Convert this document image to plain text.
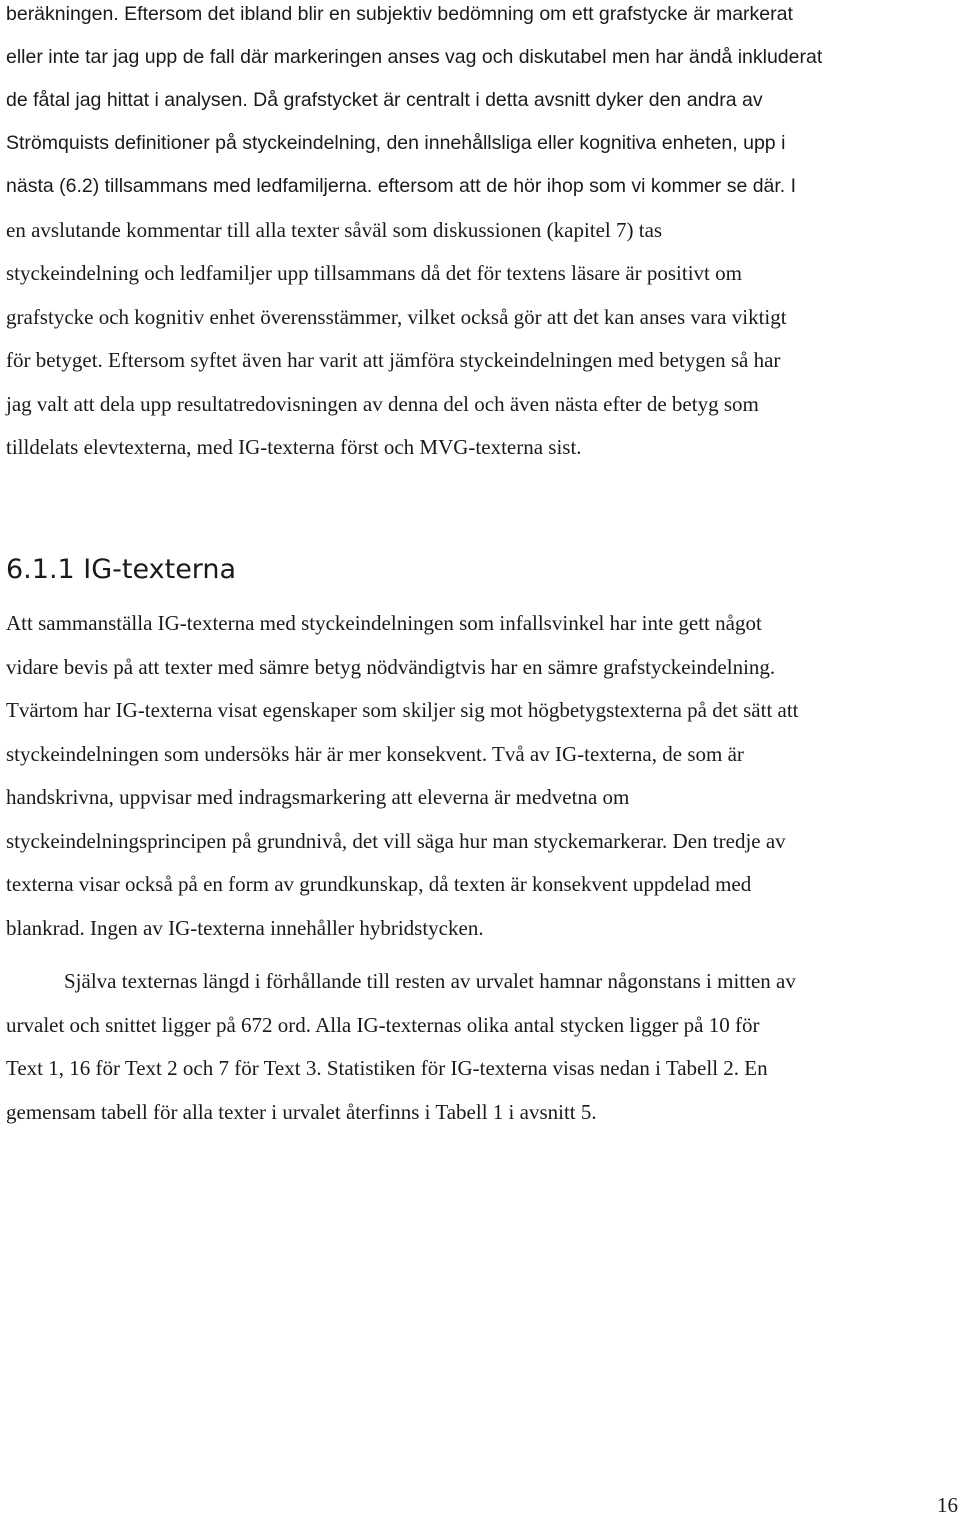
beräkningen. Eftersom det ibland blir en subjektiv bedömning om ett grafstycke är markerat
eller inte tar jag upp de fall där markeringen anses vag och diskutabel men har ändå inkluderat
de fåtal jag hittat i analysen. Då grafstycket är centralt i detta avsnitt dyker den andra av
Strömquists definitioner på styckeindelning, den innehållsliga eller kognitiva enheten, upp i
nästa (6.2) tillsammans med ledfamiljerna. eftersom att de hör ihop som vi kommer se där. I
en avslutande kommentar till alla texter såväl som diskussionen (kapitel 7) tas
styckeindelning och ledfamiljer upp tillsammans då det för textens läsare är positivt om
grafstycke och kognitiv enhet överensstämmer, vilket också gör att det kan anses vara viktigt
för betyget. Eftersom syftet även har varit att jämföra styckeindelningen med betygen så har
jag valt att dela upp resultatredovisningen av denna del och även nästa efter de betyg som
tilldelats elevtexterna, med IG-texterna först och MVG-texterna sist.
6.1.1 IG-texterna
Att sammanställa IG-texterna med styckeindelningen som infallsvinkel har inte gett något
vidare bevis på att texter med sämre betyg nödvändigtvis har en sämre grafstyckeindelning.
Tvärtom har IG-texterna visat egenskaper som skiljer sig mot högbetygstexterna på det sätt att
styckeindelningen som undersöks här är mer konsekvent. Två av IG-texterna, de som är
handskrivna, uppvisar med indragsmarkering att eleverna är medvetna om
styckeindelningsprincipen på grundnivå, det vill säga hur man styckemarkerar. Den tredje av
texterna visar också på en form av grundkunskap, då texten är konsekvent uppdelad med
blankrad. Ingen av IG-texterna innehåller hybridstycken.
Själva texternas längd i förhållande till resten av urvalet hamnar någonstans i mitten av
urvalet och snittet ligger på 672 ord. Alla IG-texternas olika antal stycken ligger på 10 för
Text 1, 16 för Text 2 och 7 för Text 3. Statistiken för IG-texterna visas nedan i Tabell 2. En
gemensam tabell för alla texter i urvalet återfinns i Tabell 1 i avsnitt 5.
16
